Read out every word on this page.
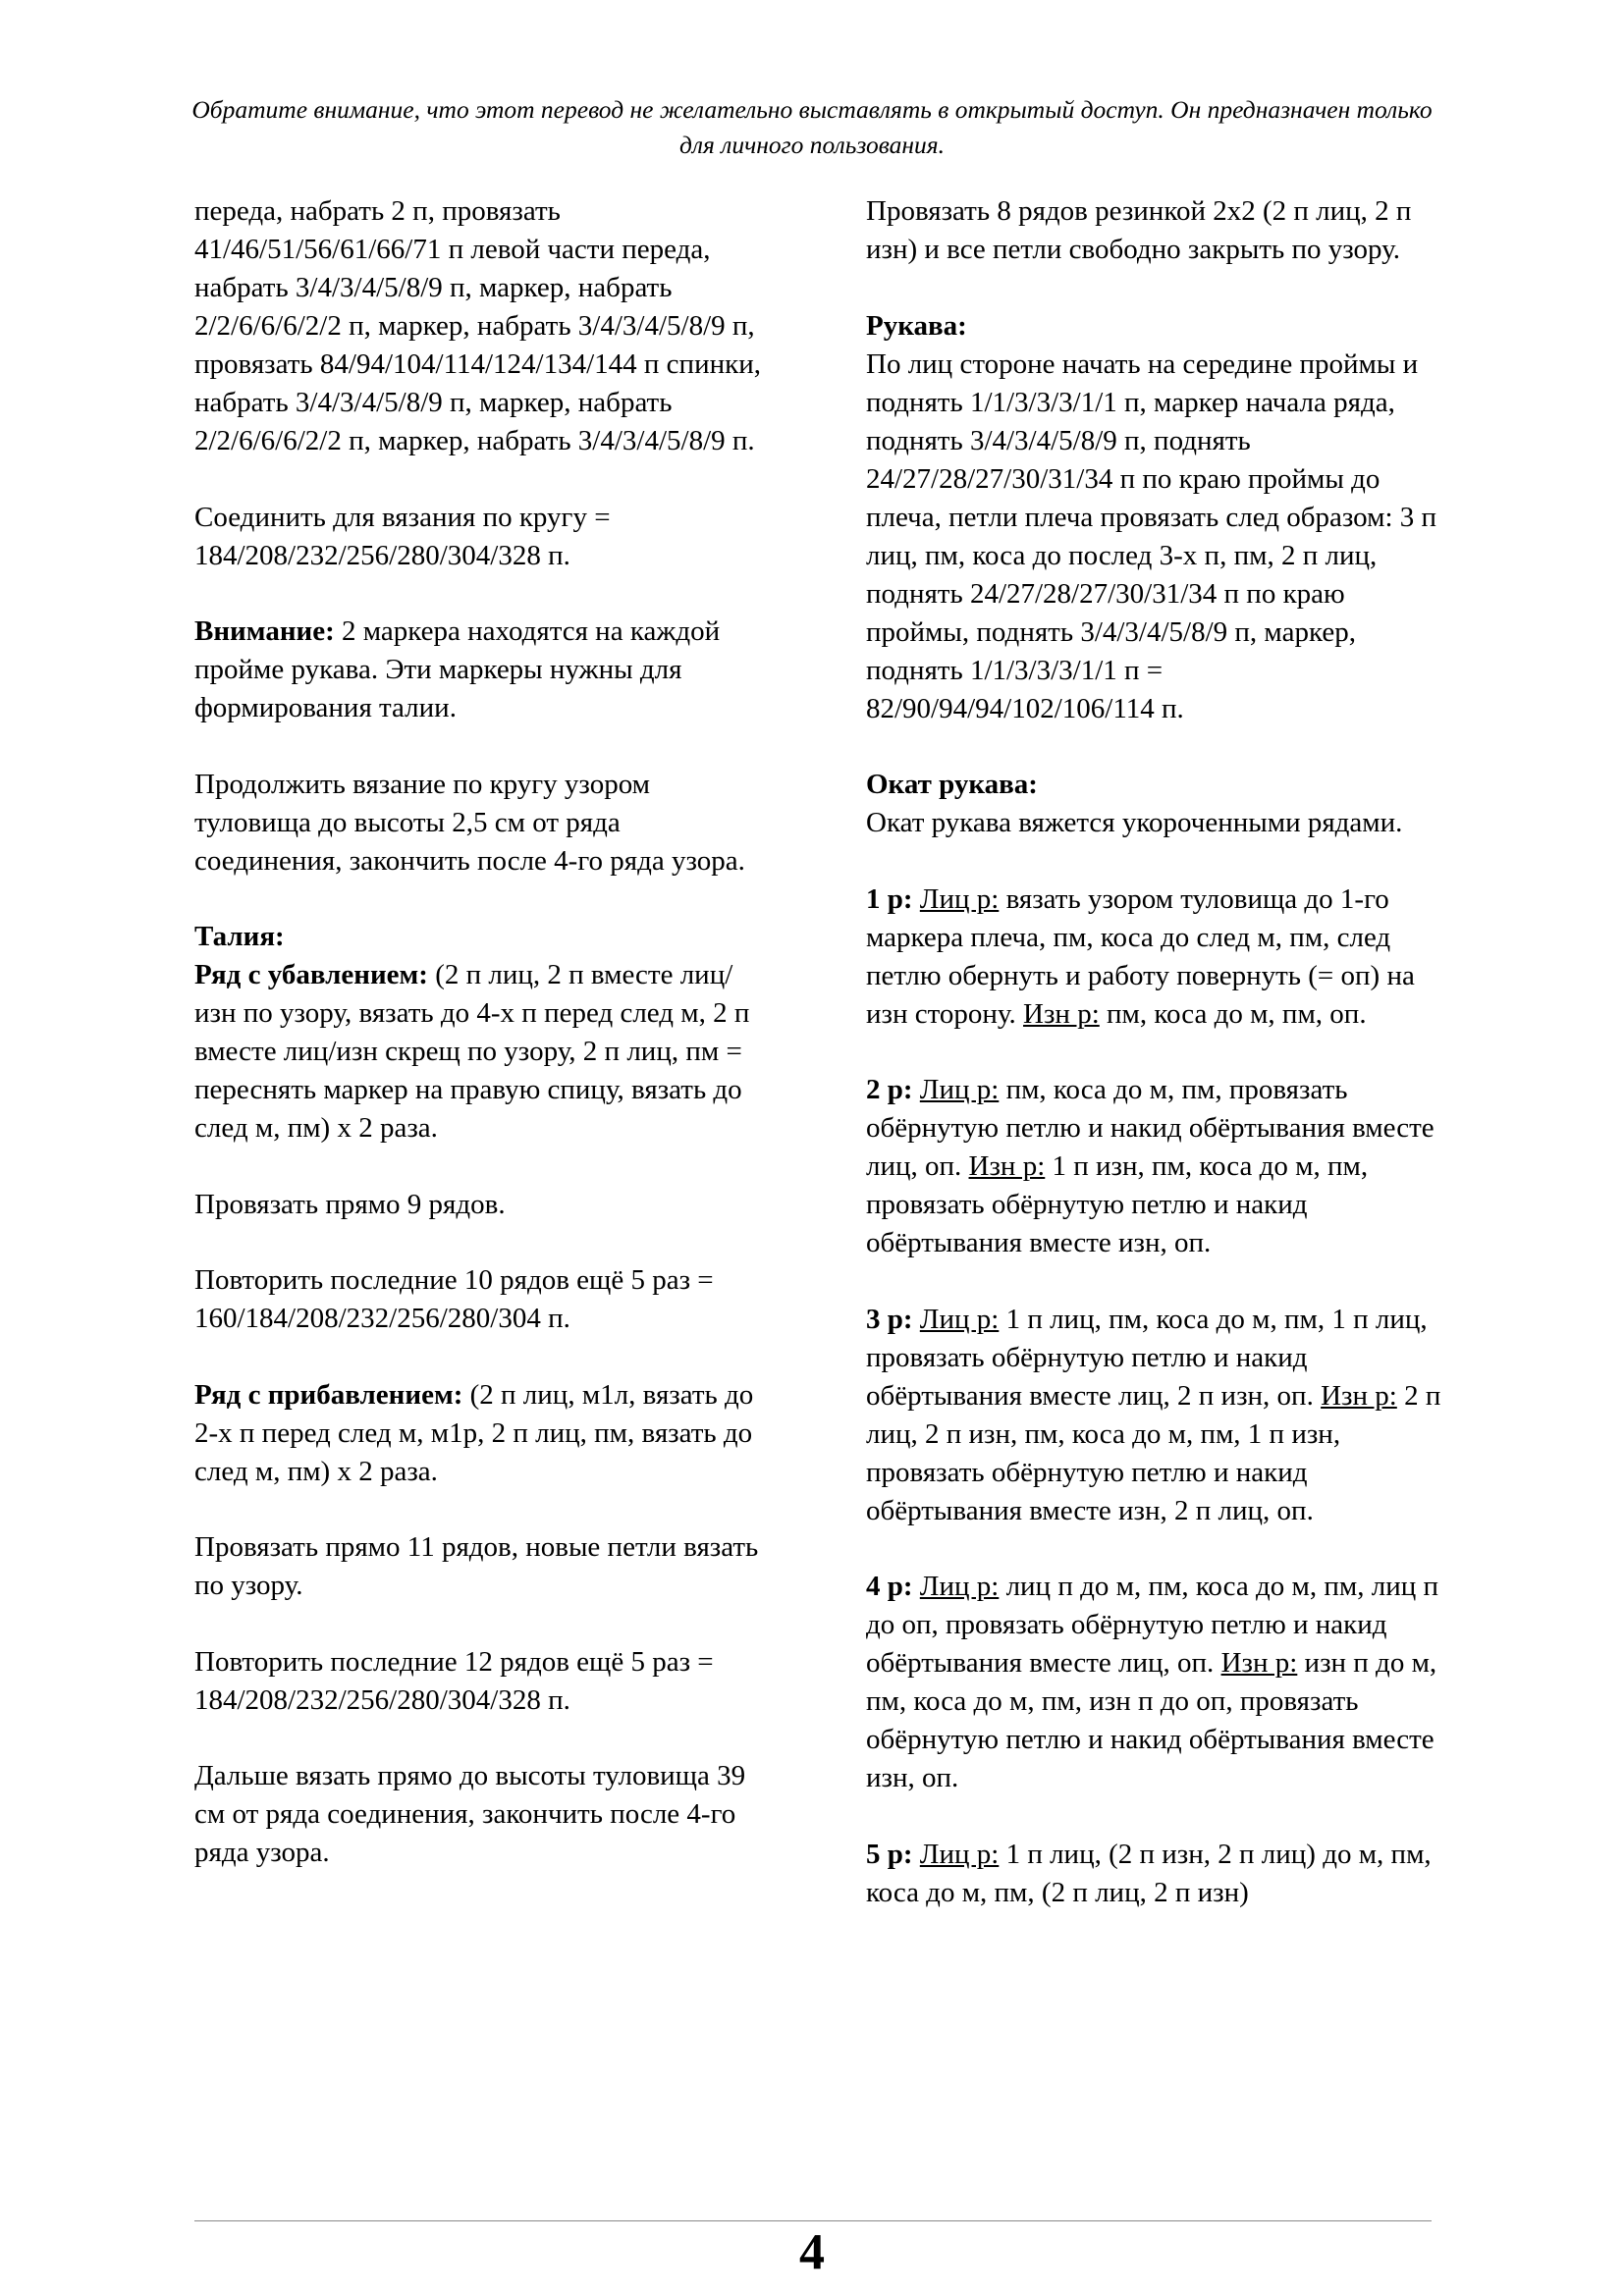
Обратите внимание, что этот перевод не желательно выставлять в открытый доступ. Он предназначен только для личного пользования.

переда, набрать 2 п, провязать 41/46/51/56/61/66/71 п левой части переда, набрать 3/4/3/4/5/8/9 п, маркер, набрать 2/2/6/6/6/2/2 п, маркер, набрать 3/4/3/4/5/8/9 п, провязать 84/94/104/114/124/134/144 п спинки, набрать 3/4/3/4/5/8/9 п, маркер, набрать 2/2/6/6/6/2/2 п, маркер, набрать 3/4/3/4/5/8/9 п.

Соединить для вязания по кругу = 184/208/232/256/280/304/328 п.

Внимание: 2 маркера находятся на каждой пройме рукава. Эти маркеры нужны для формирования талии.

Продолжить вязание по кругу узором туловища до высоты 2,5 см от ряда соединения, закончить после 4-го ряда узора.

Талия:

Ряд с убавлением: (2 п лиц, 2 п вместе лиц/изн по узору, вязать до 4-х п перед след м, 2 п вместе лиц/изн скрещ по узору, 2 п лиц, пм = переснять маркер на правую спицу, вязать до след м, пм) х 2 раза.

Провязать прямо 9 рядов.

Повторить последние 10 рядов ещё 5 раз = 160/184/208/232/256/280/304 п.

Ряд с прибавлением: (2 п лиц, м1л, вязать до 2-х п перед след м, м1р, 2 п лиц, пм, вязать до след м, пм) х 2 раза.

Провязать прямо 11 рядов, новые петли вязать по узору.

Повторить последние 12 рядов ещё 5 раз = 184/208/232/256/280/304/328 п.

Дальше вязать прямо до высоты туловища 39 см от ряда соединения, закончить после 4-го ряда узора.

Провязать 8 рядов резинкой 2х2 (2 п лиц, 2 п изн) и все петли свободно закрыть по узору.

Рукава:

По лиц стороне начать на середине проймы и поднять 1/1/3/3/3/1/1 п, маркер начала ряда, поднять 3/4/3/4/5/8/9 п, поднять 24/27/28/27/30/31/34 п по краю проймы до плеча, петли плеча провязать след образом: 3 п лиц, пм, коса до послед 3-х п, пм, 2 п лиц, поднять 24/27/28/27/30/31/34 п по краю проймы, поднять 3/4/3/4/5/8/9 п, маркер, поднять 1/1/3/3/3/1/1 п = 82/90/94/94/102/106/114 п.

Окат рукава:

Окат рукава вяжется укороченными рядами.

1 р: Лиц р: вязать узором туловища до 1-го маркера плеча, пм, коса до след м, пм, след петлю обернуть и работу повернуть (= оп) на изн сторону. Изн р: пм, коса до м, пм, оп.

2 р: Лиц р: пм, коса до м, пм, провязать обёрнутую петлю и накид обёртывания вместе лиц, оп. Изн р: 1 п изн, пм, коса до м, пм, провязать обёрнутую петлю и накид обёртывания вместе изн, оп.

3 р: Лиц р: 1 п лиц, пм, коса до м, пм, 1 п лиц, провязать обёрнутую петлю и накид обёртывания вместе лиц, 2 п изн, оп. Изн р: 2 п лиц, 2 п изн, пм, коса до м, пм, 1 п изн, провязать обёрнутую петлю и накид обёртывания вместе изн, 2 п лиц, оп.

4 р: Лиц р: лиц п до м, пм, коса до м, пм, лиц п до оп, провязать обёрнутую петлю и накид обёртывания вместе лиц, оп. Изн р: изн п до м, пм, коса до м, пм, изн п до оп, провязать обёрнутую петлю и накид обёртывания вместе изн, оп.

5 р: Лиц р: 1 п лиц, (2 п изн, 2 п лиц) до м, пм, коса до м, пм, (2 п лиц, 2 п изн)

4
